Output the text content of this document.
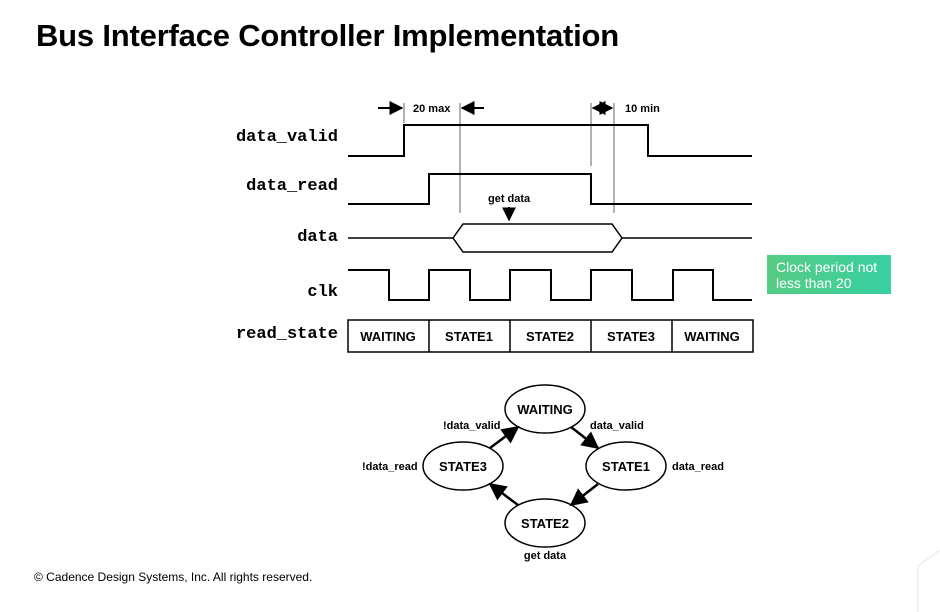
Bus Interface Controller Implementation
data_valid
data_read
data
clk
read_state
20 max	10 min
get data
WAITING STATE1	STATE2	STATE3 WAITING
WAITING
STATE1
STATE2
STATE3
data_valid
data_read
get data
!data_valid
!data_read
Clock period not less than 20
© Cadence Design Systems, Inc. All rights reserved.
